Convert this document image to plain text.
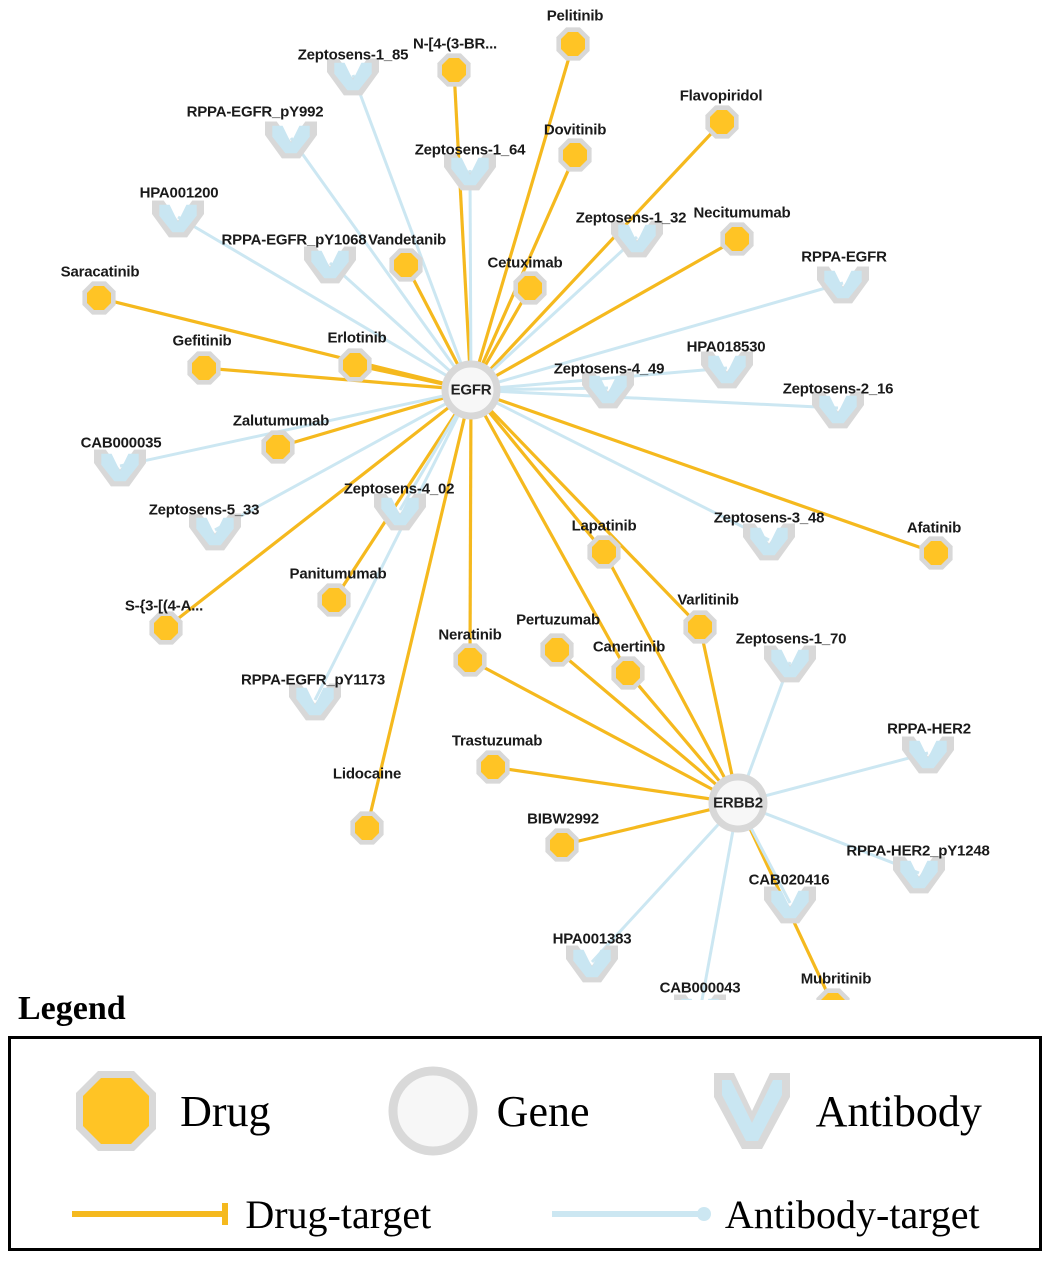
Pelitinib
N-[4-(3-BR...
Flavopiridol
Dovitinib
Necitumumab
Vandetanib
Cetuximab
Saracatinib
Gefitinib	Erlotinib
Zalutumumab
Afatinib
Lapatinib
Panitumumab
Varlitinib
S-{3-[(4-A...
Neratinib
Pertuzumab
Canertinib
Trastuzumab
Lidocaine
BIBW2992
Mubritinib
Zeptosens-1_85
RPPA-EGFR_pY992
Zeptosens-1_64
HPA001200
Zeptosens-1_32
RPPA-EGFR_pY1068
RPPA-EGFR
HPA018530
Zeptosens-4_49
Zeptosens-2_16
CAB000035
Zeptosens-4_02
Zeptosens-5_33	Zeptosens-3_48
Zeptosens-1_70
RPPA-EGFR_pY1173
RPPA-HER2
RPPA-HER2_pY1248
CAB020416
HPA001383
CAB000043
EGFR
ERBB2
Legend
Drug	Gene	Antibody
Drug-target	Antibody-target
